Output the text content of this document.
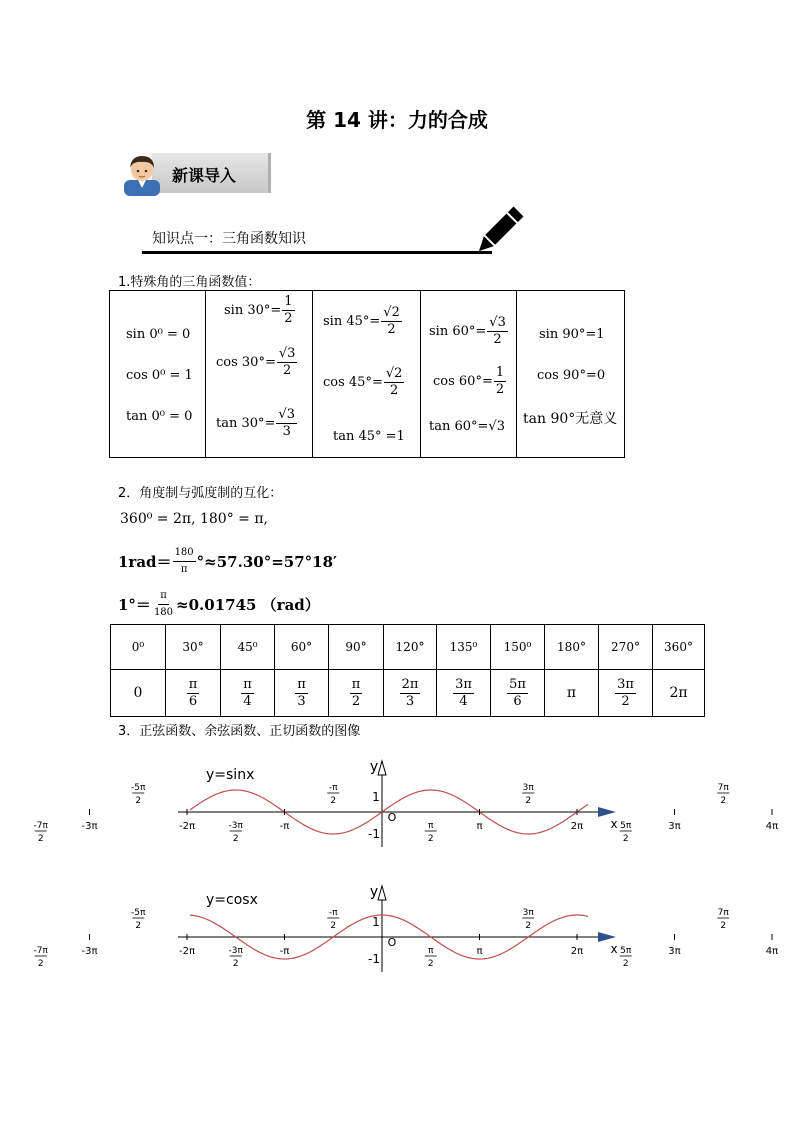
第 14 讲：力的合成
新课导入
知识点一：三角函数知识
1.特殊角的三角函数值：
sin 0⁰ = 0
cos 0⁰ = 1
tan 0⁰ = 0

$\sin 30^\circ= \frac{1}{2}$
$\cos 30^\circ= \frac{√3}{2}$
$\tan 30^\circ= \frac{√3}{3}$

$\sin 45^\circ= \frac{√2}{2}$
$\cos 45^\circ= \frac{√2}{2}$
tan 45° =1

$\sin 60^\circ= \frac{√3}{2}$
$\cos 60^\circ= \frac{1}{2}$
tan 60°=√3

sin 90°=1
cos 90°=0
tan 90°无意义
2．角度制与弧度制的互化：
360⁰ = 2π, 180° = π,
$1rad= \frac{180}{\pi} ^\circ\approx 57.30^\circ=57^\circ 18'$
$1^\circ= \frac{\pi}{180} \approx 0.01745$ （rad）
0⁰	30°	45⁰	60°	90°	120°	135⁰	150⁰	180°	270°	360°
0	$\frac{\pi}{6}$	$\frac{\pi}{4}$	$\frac{\pi}{3}$	$\frac{\pi}{2}$	$\frac{2\pi}{3}$	$\frac{3\pi}{4}$	$\frac{5\pi}{6}$	π	$\frac{3\pi}{2}$	2π
3．正弦函数、余弦函数、正切函数的图像
y=sinx	y
x
O
1
-1
-3π	-2π	-π	π	2π	3π	4π
-7π
2
-5π
2
-3π
2
-π
2
π
2
3π
2
5π
2
7π
2
y=cosx	y
x
O
1
-1
-3π	-2π	-π	π	2π	3π	4π
-7π
2
-5π
2
-3π
2
-π
2
π
2
3π
2
5π
2
7π
2
